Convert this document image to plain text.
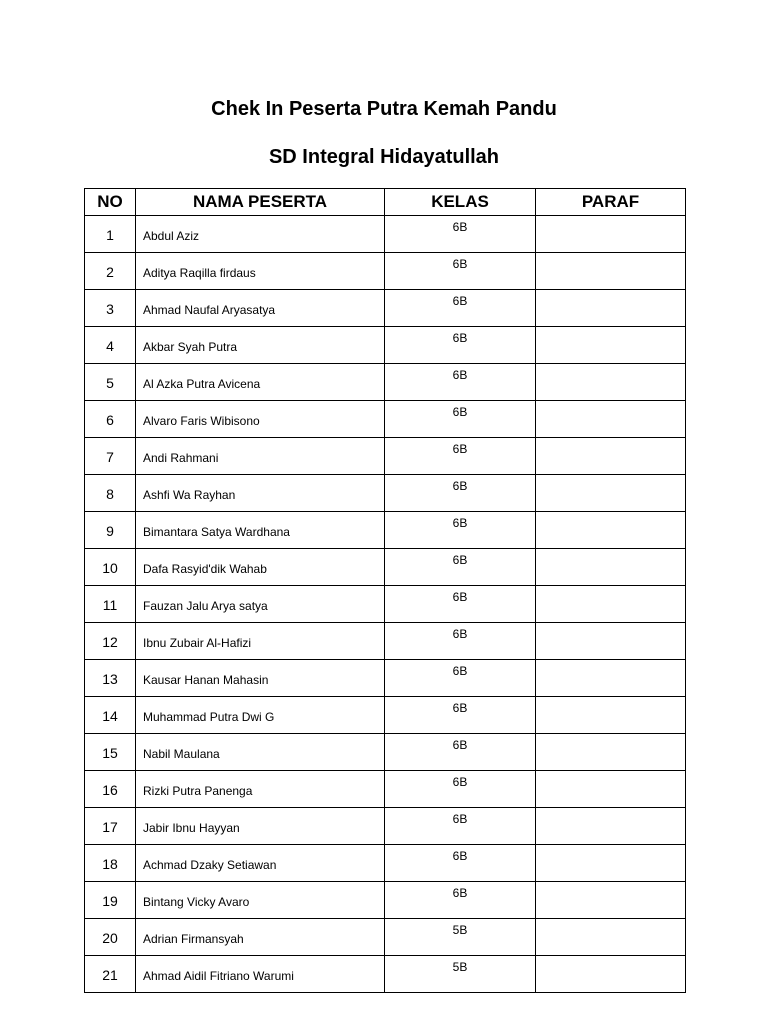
Chek In Peserta Putra Kemah Pandu
SD Integral Hidayatullah
NO	NAMA PESERTA	KELAS	PARAF
1	Abdul Aziz	6B	
2	Aditya Raqilla firdaus	6B	
3	Ahmad Naufal Aryasatya	6B	
4	Akbar Syah Putra	6B	
5	Al Azka Putra Avicena	6B	
6	Alvaro Faris Wibisono	6B	
7	Andi Rahmani	6B	
8	Ashfi Wa Rayhan	6B	
9	Bimantara Satya Wardhana	6B	
10	Dafa Rasyid'dik Wahab	6B	
11	Fauzan Jalu Arya satya	6B	
12	Ibnu Zubair Al-Hafizi	6B	
13	Kausar Hanan Mahasin	6B	
14	Muhammad Putra Dwi G	6B	
15	Nabil Maulana	6B	
16	Rizki Putra Panenga	6B	
17	Jabir Ibnu Hayyan	6B	
18	Achmad Dzaky Setiawan	6B	
19	Bintang Vicky Avaro	6B	
20	Adrian Firmansyah	5B	
21	Ahmad Aidil Fitriano Warumi	5B	
